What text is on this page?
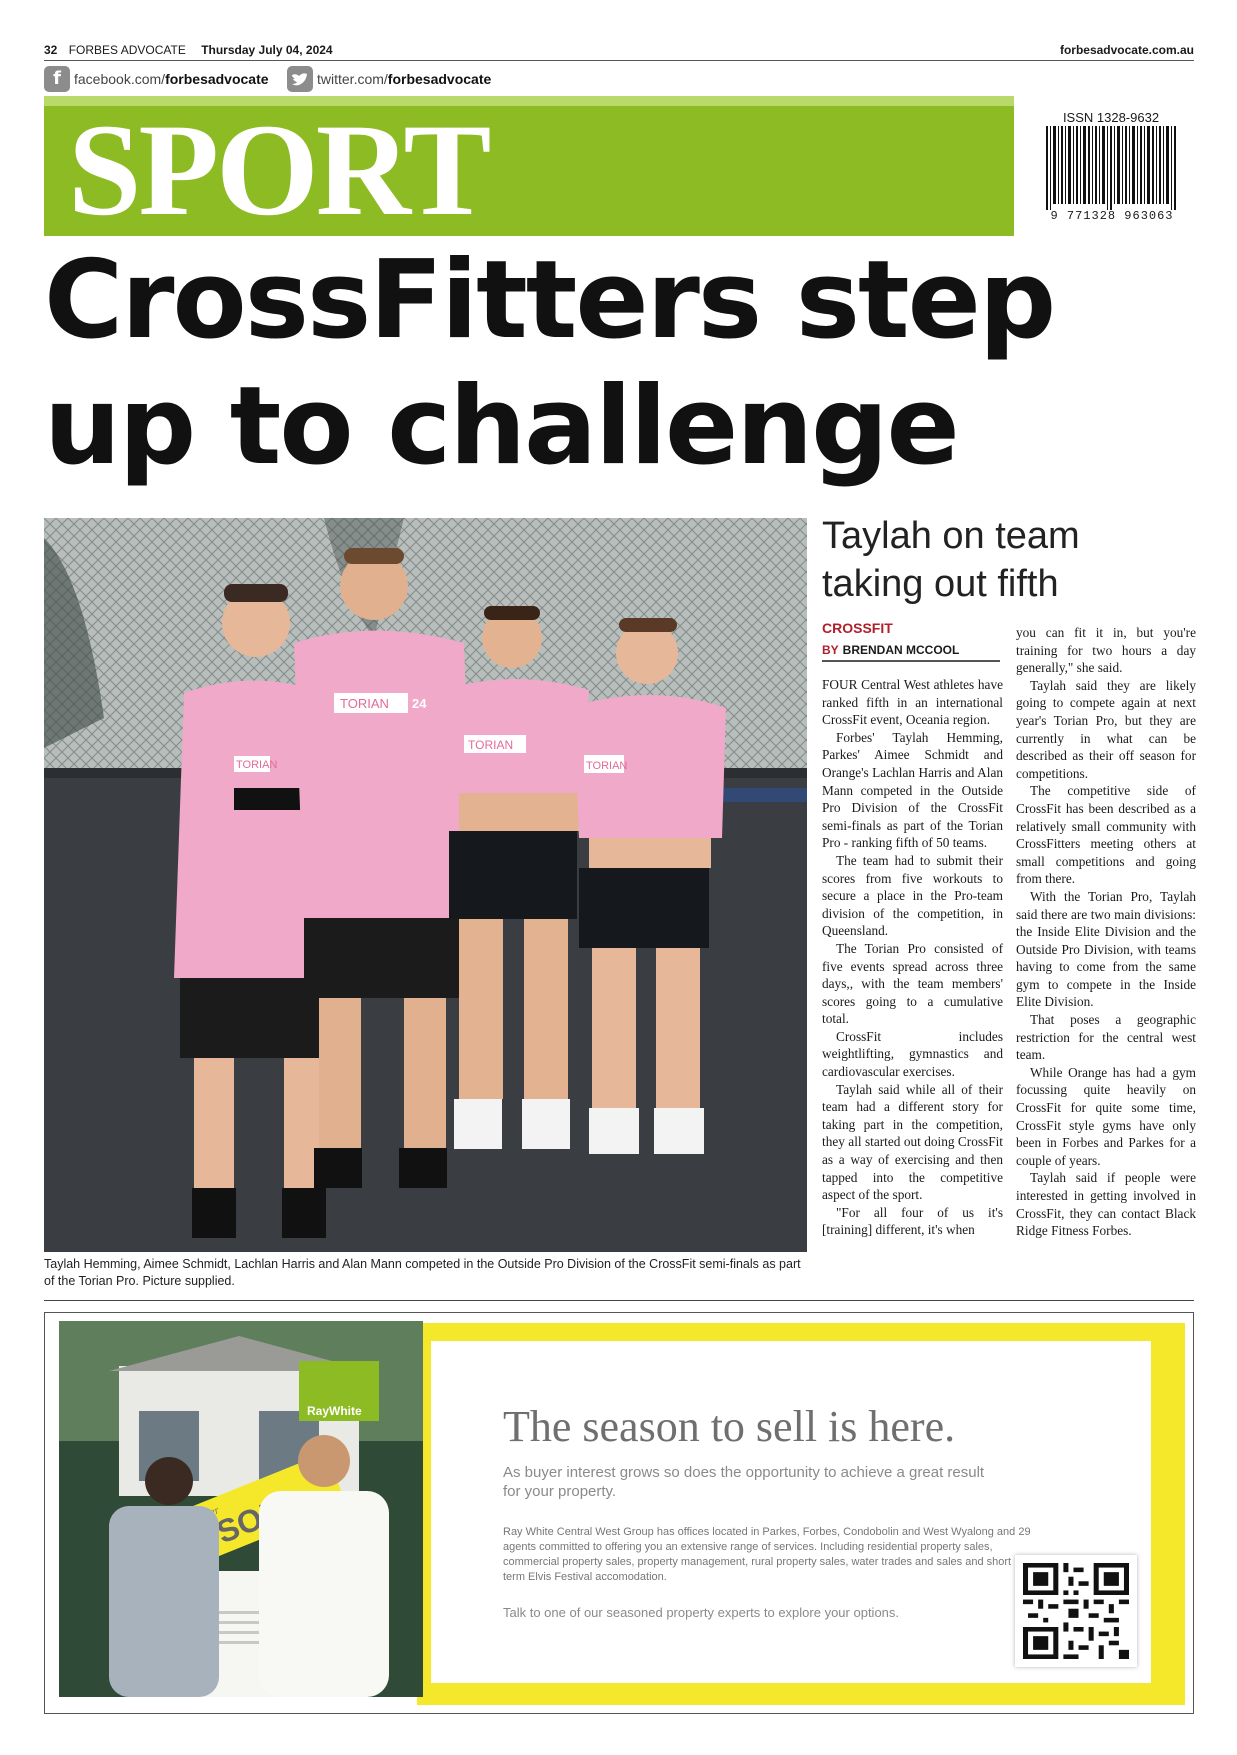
32 FORBES ADVOCATE Thursday July 04, 2024	forbesadvocate.com.au
f facebook.com/forbesadvocate	twitter.com/forbesadvocate
SPORT	ISSN 1328-9632
9 771328 963063
CrossFitters step
up to challenge
TORIAN
TORIAN 24
TORIAN
TORIAN
Taylah Hemming, Aimee Schmidt, Lachlan Harris and Alan Mann competed in the Outside Pro Division of the CrossFit semi-finals as part of the Torian Pro. Picture supplied.
Taylah on team
taking out fifth
CROSSFIT
BY BRENDAN MCCOOL

FOUR Central West athletes have ranked fifth in an international CrossFit event, Oceania region.

Forbes' Taylah Hemming, Parkes' Aimee Schmidt and Orange's Lachlan Harris and Alan Mann competed in the Outside Pro Division of the CrossFit semi-finals as part of the Torian Pro - ranking fifth of 50 teams.

The team had to submit their scores from five workouts to secure a place in the Pro-team division of the competition, in Queensland.

The Torian Pro consisted of five events spread across three days,, with the team members' scores going to a cumulative total.

CrossFit includes weightlifting, gymnastics and cardiovascular exercises.

Taylah said while all of their team had a different story for taking part in the competition, they all started out doing CrossFit as a way of exercising and then tapped into the competitive aspect of the sport.

"For all four of us it's [training] different, it's when

you can fit it in, but you're training for two hours a day generally," she said.

Taylah said they are likely going to compete again at next year's Torian Pro, but they are currently in what can be described as their off season for competitions.

The competitive side of CrossFit has been described as a relatively small community with CrossFitters meeting others at small competitions and going from there.

With the Torian Pro, Taylah said there are two main divisions: the Inside Elite Division and the Outside Pro Division, with teams having to come from the same gym to compete in the Inside Elite Division.

That poses a geographic restriction for the central west team.

While Orange has had a gym focussing quite heavily on CrossFit for quite some time, CrossFit style gyms have only been in Forbes and Parkes for a couple of years.

Taylah said if people were interested in getting involved in CrossFit, they can contact Black Ridge Fitness Forbes.

RayWhite	The season to sell is here.
As buyer interest grows so does the opportunity to achieve a great result for your property.
Ray White Central West Group has offices located in Parkes, Forbes, Condobolin and West Wyalong and 29 agents committed to offering you an extensive range of services. Including residential property sales, commercial property sales, property management, rural property sales, water trades and sales and short term Elvis Festival accomodation.
Talk to one of our seasoned property experts to explore your options.
